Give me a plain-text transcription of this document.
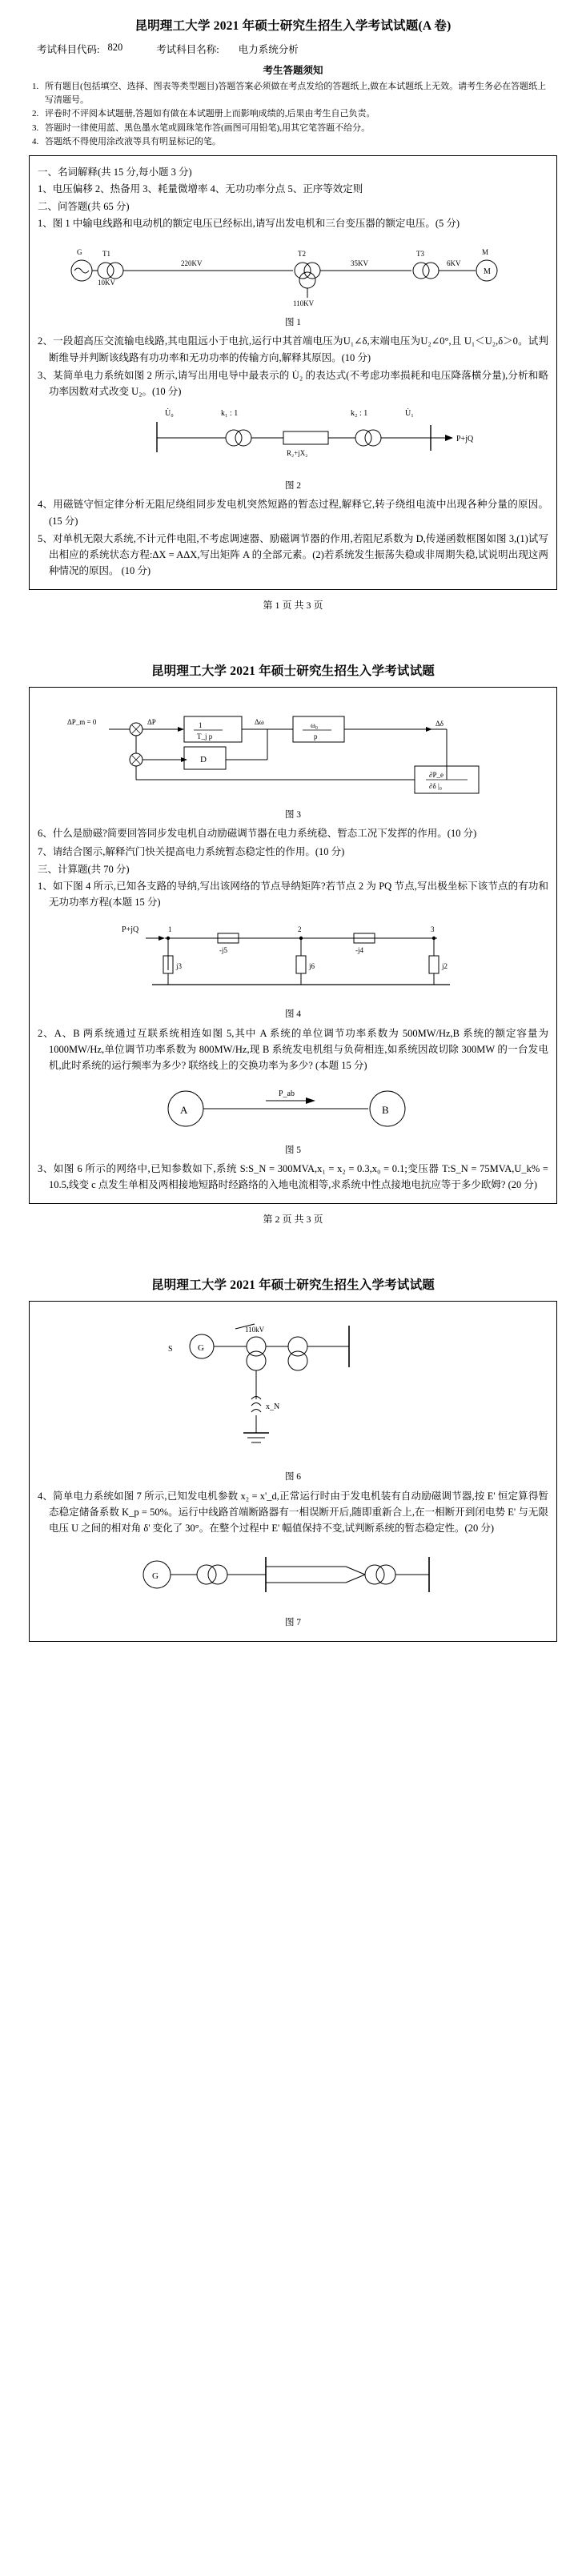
昆明理工大学 2021 年硕士研究生招生入学考试试题(A 卷)
考试科目代码: 820	考试科目名称: 电力系统分析
考生答题须知
1. 所有题目(包括填空、选择、图表等类型题目)答题答案必须做在考点发给的答题纸上,做在本试题纸上无效。请考生务必在答题纸上写清题号。
2. 评卷时不评阅本试题册,答题如有做在本试题册上而影响成绩的,后果由考生自己负责。
3. 答题时一律使用蓝、黑色墨水笔或圆珠笔作答(画图可用铅笔),用其它笔答题不给分。
4. 答题纸不得使用涂改液等具有明显标记的笔。
一、名词解释(共 15 分,每小题 3 分)
1、电压偏移 2、热备用 3、耗量微增率 4、无功功率分点 5、正序等效定则
二、问答题(共 65 分)
1、图 1 中输电线路和电动机的额定电压已经标出,请写出发电机和三台变压器的额定电压。(5 分)
G	T1
220KV
10KV
T2
110KV
35KV
T3
6KV
M
M
图 1
2、一段超高压交流输电线路,其电阻远小于电抗,运行中其首端电压为U₁∠δ,末端电压为U₂∠0°,且 U₁＜U₂,δ＞0。试判断维导并判断该线路有功功率和无功功率的传输方向,解释其原因。(10 分)
3、某简单电力系统如图 2 所示,请写出用电导中最表示的 U̇₂ 的表达式(不考虑功率损耗和电压降落横分量),分析和略功率因数对式改变 U₂。(10 分)
U̇₀	k₁ : 1	k₂ : 1	U̇₁
R₂+jX₂
P+jQ
图 2
4、用磁链守恒定律分析无阻尼绕组同步发电机突然短路的暂态过程,解释它,转子绕组电流中出现各种分量的原因。(15 分)
5、对单机无限大系统,不计元件电阻,不考虑调速器、励磁调节器的作用,若阻尼系数为 D,传递函数框图如图 3,(1)试写出相应的系统状态方程:ΔX = AΔX,写出矩阵 A 的全部元素。(2)若系统发生振荡失稳或非周期失稳,试说明出现这两种情况的原因。 (10 分)
第 1 页 共 3 页
昆明理工大学 2021 年硕士研究生招生入学考试试题
ΔP_m = 0	ΔP	1
T_j p
Δω	ω₀
p
Δδ
D
∂P_e
∂δ |₀
图 3
6、什么是励磁?简要回答同步发电机自动励磁调节器在电力系统稳、暂态工况下发挥的作用。(10 分)
7、请结合图示,解释汽门快关提高电力系统暂态稳定性的作用。(10 分)
三、计算题(共 70 分)
1、如下图 4 所示,已知各支路的导纳,写出该网络的节点导纳矩阵?若节点 2 为 PQ 节点,写出极坐标下该节点的有功和无功功率方程(本题 15 分)
P+jQ	1	2	3
-j5	-j4
j3	j6	j2
图 4
2、A、B 两系统通过互联系统相连如图 5,其中 A 系统的单位调节功率系数为 500MW/Hz,B 系统的额定容量为 1000MW/Hz,单位调节功率系数为 800MW/Hz,现 B 系统发电机组与负荷相连,如系统因故切除 300MW 的一台发电机,此时系统的运行频率为多少? 联络线上的交换功率为多少? (本题 15 分)
A
P_ab
B
图 5
3、如图 6 所示的网络中,已知参数如下,系统 S:S_N = 300MVA,x₁ = x₂ = 0.3,x₀ = 0.1;变压器 T:S_N = 75MVA,U_k% = 10.5,线变 c 点发生单相及两相接地短路时经路络的入地电流相等,求系统中性点接地电抗应等于多少欧姆? (20 分)
第 2 页 共 3 页
昆明理工大学 2021 年硕士研究生招生入学考试试题
S	G
110kV
x_N
图 6
4、简单电力系统如图 7 所示,已知发电机参数 x₂ = x'_d,正常运行时由于发电机装有自动励磁调节器,按 E' 恒定算得暂态稳定储备系数 K_p = 50%。运行中线路首端断路器有一相误断开后,随即重新合上,在一相断开到闭电势 E' 与无限电压 U 之间的相对角 δ' 变化了 30°。在整个过程中 E' 幅值保持不变,试判断系统的暂态稳定性。(20 分)
G
图 7
